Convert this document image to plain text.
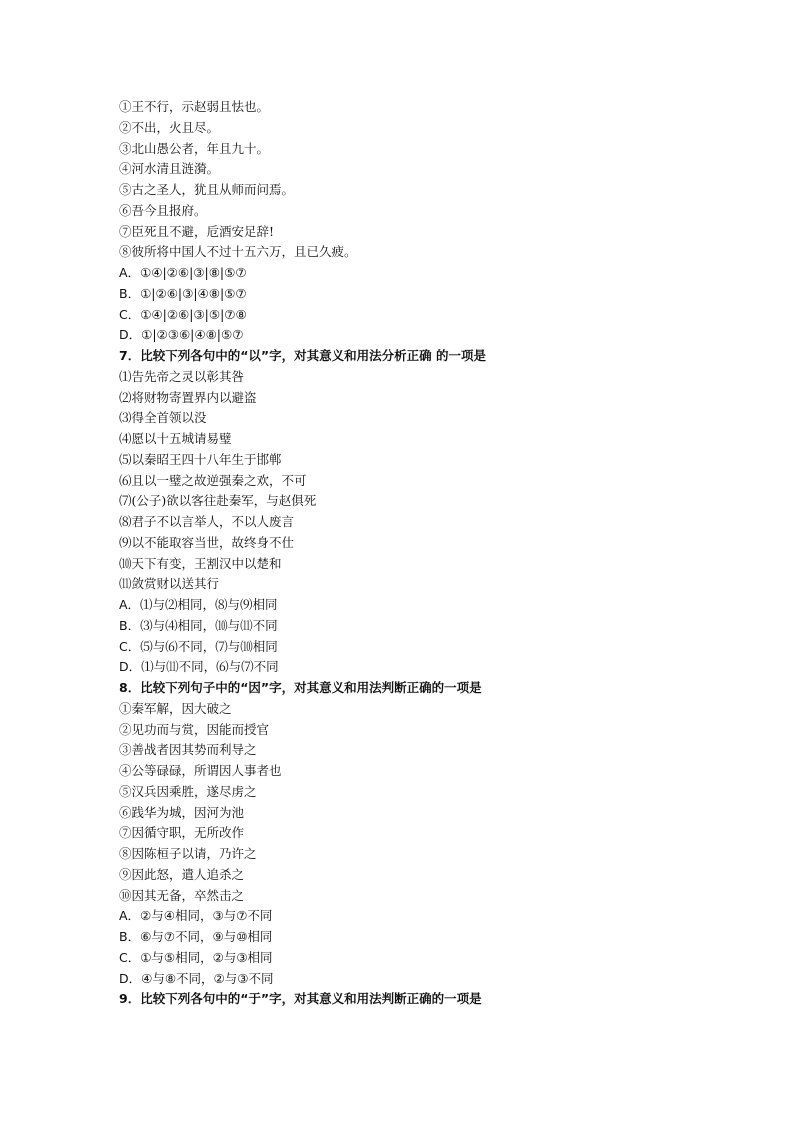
①王不行，示赵弱且怯也。
②不出，火且尽。
③北山愚公者，年且九十。
④河水清且涟漪。
⑤古之圣人，犹且从师而问焉。
⑥吾今且报府。
⑦臣死且不避，卮酒安足辞!
⑧彼所将中国人不过十五六万，且已久疲。
A．①④|②⑥|③|⑧|⑤⑦
B．①|②⑥|③|④⑧|⑤⑦
C．①④|②⑥|③|⑤|⑦⑧
D．①|②③⑥|④⑧|⑤⑦
7．比较下列各句中的“以”字，对其意义和用法分析正确 的一项是
⑴告先帝之灵以彰其咎
⑵将财物寄置界内以避盗
⑶得全首领以没
⑷愿以十五城请易璧
⑸以秦昭王四十八年生于邯郸
⑹且以一璧之故逆强秦之欢，不可
⑺(公子)欲以客往赴秦军，与赵俱死
⑻君子不以言举人，不以人废言
⑼以不能取容当世，故终身不仕
⑽天下有变，王割汉中以楚和
⑾敛赏财以送其行
A．⑴与⑵相同，⑻与⑼相同
B．⑶与⑷相同，⑽与⑾不同
C．⑸与⑹不同，⑺与⑽相同
D．⑴与⑾不同，⑹与⑺不同
8．比较下列句子中的“因”字，对其意义和用法判断正确的一项是
①秦军解，因大破之
②见功而与赏，因能而授官
③善战者因其势而利导之
④公等碌碌，所谓因人事者也
⑤汉兵因乘胜，遂尽虏之
⑥践华为城，因河为池
⑦因循守职，无所改作
⑧因陈桓子以请，乃许之
⑨因此怒，遣人追杀之
⑩因其无备，卒然击之
A．②与④相同，③与⑦不同
B．⑥与⑦不同，⑨与⑩相同
C．①与⑤相同，②与③相同
D．④与⑧不同，②与③不同
9．比较下列各句中的“于”字，对其意义和用法判断正确的一项是
